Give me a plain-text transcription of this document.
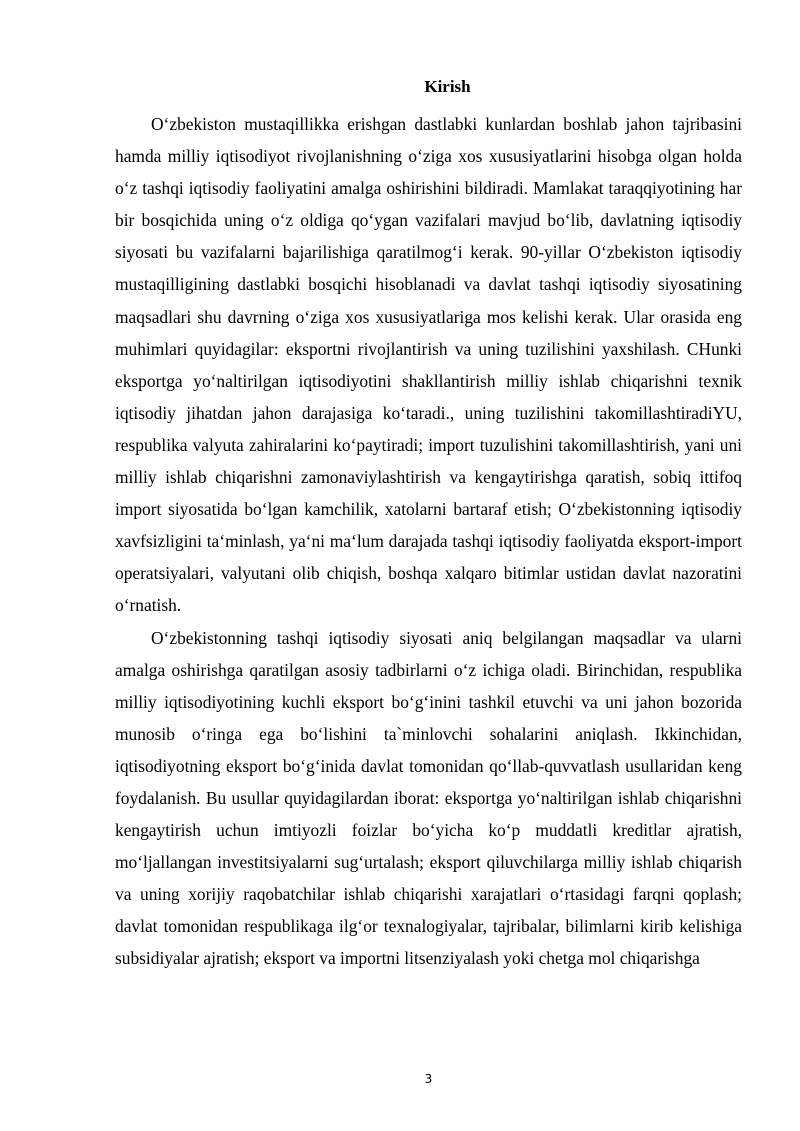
Kirish

O‘zbekiston mustaqillikka erishgan dastlabki kunlardan boshlab jahon tajribasini hamda milliy iqtisodiyot rivojlanishning o‘ziga xos xususiyatlarini hisobga olgan holda o‘z tashqi iqtisodiy faoliyatini amalga oshirishini bildiradi. Mamlakat taraqqiyotining har bir bosqichida uning o‘z oldiga qo‘ygan vazifalari mavjud bo‘lib, davlatning iqtisodiy siyosati bu vazifalarni bajarilishiga qaratilmog‘i kerak. 90-yillar O‘zbekiston iqtisodiy mustaqilligining dastlabki bosqichi hisoblanadi va davlat tashqi iqtisodiy siyosatining maqsadlari shu davrning o‘ziga xos xususiyatlariga mos kelishi kerak. Ular orasida eng muhimlari quyidagilar: eksportni rivojlantirish va uning tuzilishini yaxshilash. CHunki eksportga yo‘naltirilgan iqtisodiyotini shakllantirish milliy ishlab chiqarishni texnik iqtisodiy jihatdan jahon darajasiga ko‘taradi., uning tuzilishini takomillashtiradiYU, respublika valyuta zahiralarini ko‘paytiradi; import tuzulishini takomillashtirish, yani uni milliy ishlab chiqarishni zamonaviylashtirish va kengaytirishga qaratish, sobiq ittifoq import siyosatida bo‘lgan kamchilik, xatolarni bartaraf etish; O‘zbekistonning iqtisodiy xavfsizligini ta‘minlash, ya‘ni ma‘lum darajada tashqi iqtisodiy faoliyatda eksport-import operatsiyalari, valyutani olib chiqish, boshqa xalqaro bitimlar ustidan davlat nazoratini o‘rnatish.

O‘zbekistonning tashqi iqtisodiy siyosati aniq belgilangan maqsadlar va ularni amalga oshirishga qaratilgan asosiy tadbirlarni o‘z ichiga oladi. Birinchidan, respublika milliy iqtisodiyotining kuchli eksport bo‘g‘inini tashkil etuvchi va uni jahon bozorida munosib o‘ringa ega bo‘lishini ta`minlovchi sohalarini aniqlash. Ikkinchidan, iqtisodiyotning eksport bo‘g‘inida davlat tomonidan qo‘llab-quvvatlash usullaridan keng foydalanish. Bu usullar quyidagilardan iborat: eksportga yo‘naltirilgan ishlab chiqarishni kengaytirish uchun imtiyozli foizlar bo‘yicha ko‘p muddatli kreditlar ajratish, mo‘ljallangan investitsiyalarni sug‘urtalash; eksport qiluvchilarga milliy ishlab chiqarish va uning xorijiy raqobatchilar ishlab chiqarishi xarajatlari o‘rtasidagi farqni qoplash; davlat tomonidan respublikaga ilg‘or texnalogiyalar, tajribalar, bilimlarni kirib kelishiga subsidiyalar ajratish; eksport va importni litsenziyalash yoki chetga mol chiqarishga

3
